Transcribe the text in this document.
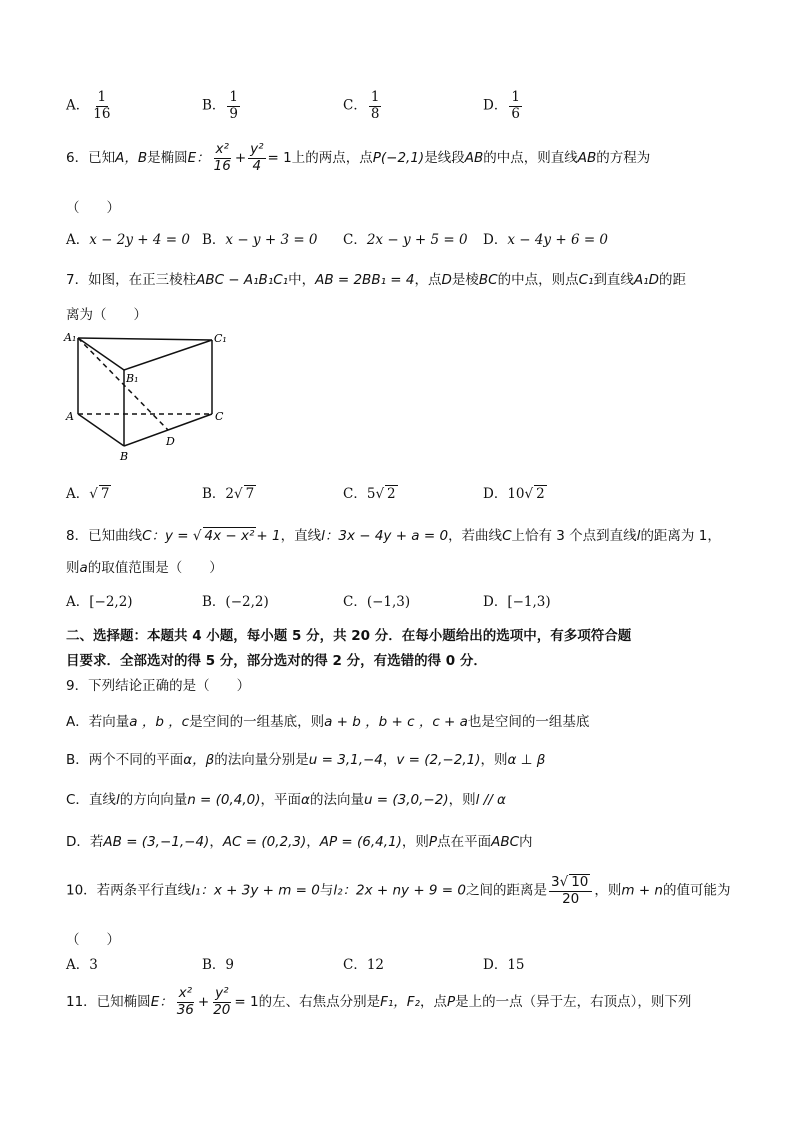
A． $\frac{1}{16}$	B． $\frac{1}{9}$	C． $\frac{1}{8}$	D． $\frac{1}{6}$
6．已知A，B是椭圆E： $\frac{\text{x²}}{16} + \frac{\text{y²}}{4} = 1$上的两点，点P(−2,1)是线段AB的中点，则直线AB的方程为
（　　）
A．x − 2y + 4 = 0 B．x − y + 3 = 0 C．2x − y + 5 = 0 D．x − 4y + 6 = 0
7．如图，在正三棱柱ABC − A₁B₁C₁中，AB = 2BB₁ = 4，点D是棱BC的中点，则点C₁到直线A₁D的距
离为（　　）
A₁	C₁
B₁
A	C
B
D
A．√ 7	B．2√ 7	C．5√ 2	D．10√ 2
8．已知曲线C：y = √ 4x − x² + 1，直线l：3x − 4y + a = 0，若曲线C上恰有 3 个点到直线l的距离为 1，
则a的取值范围是（　　）
A．[−2,2)	B．(−2,2)	C．(−1,3)	D．[−1,3)
二、选择题：本题共 4 小题，每小题 5 分，共 20 分．在每小题给出的选项中，有多项符合题
目要求．全部选对的得 5 分，部分选对的得 2 分，有选错的得 0 分．
9．下列结论正确的是（　　）
A．若向量a ，b ，c是空间的一组基底，则a + b ，b + c ，c + a也是空间的一组基底
B．两个不同的平面α，β的法向量分别是u = 3,1,−4，v = (2,−2,1)，则α ⊥ β
C．直线l的方向向量n = (0,4,0)，平面α的法向量u = (3,0,−2)，则l // α
D．若AB = (3,−1,−4)，AC = (0,2,3)，AP = (6,4,1)，则P点在平面ABC内
10．若两条平行直线l₁：x + 3y + m = 0与l₂：2x + ny + 9 = 0之间的距离是 $\frac{3√ 10}{20}$ ，则m + n的值可能为
（　　）
A．3	B．9	C．12	D．15
11．已知椭圆E： $\frac{\text{x²}}{36} + \frac{\text{y²}}{20} = 1$的左、右焦点分别是F₁，F₂，点P是上的一点（异于左，右顶点），则下列
